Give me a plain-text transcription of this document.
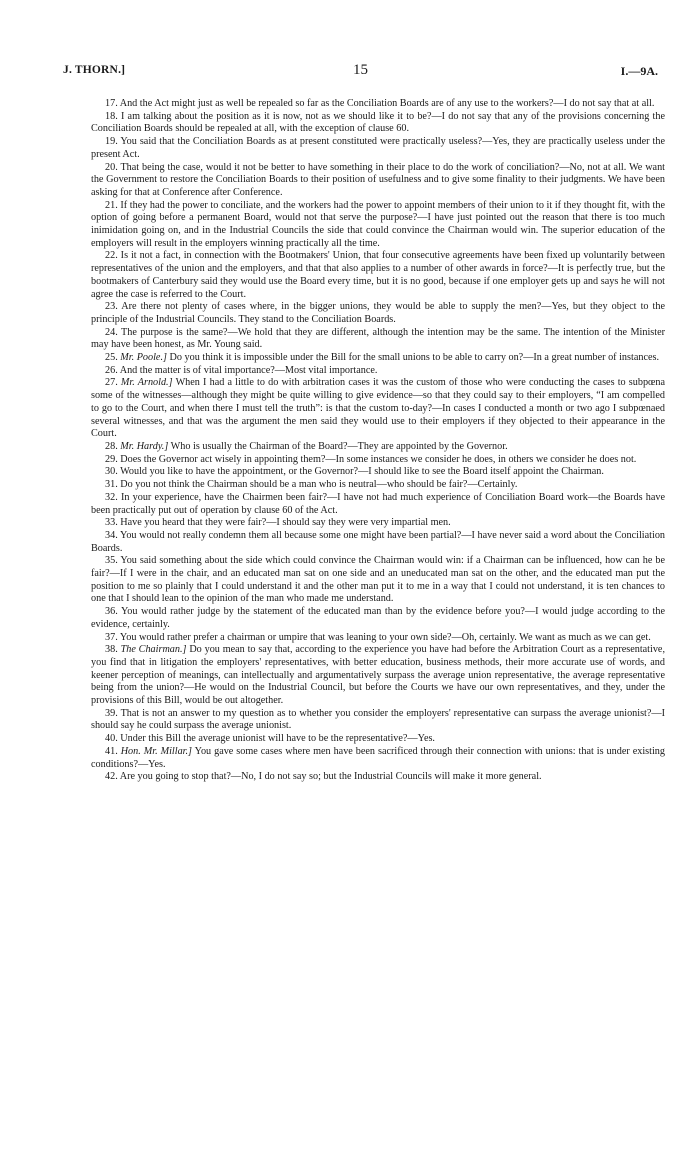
J. THORN.]	15	I.—9A.

17. And the Act might just as well be repealed so far as the Conciliation Boards are of any use to the workers?—I do not say that at all.

18. I am talking about the position as it is now, not as we should like it to be?—I do not say that any of the provisions concerning the Conciliation Boards should be repealed at all, with the exception of clause 60.

19. You said that the Conciliation Boards as at present constituted were practically useless?—Yes, they are practically useless under the present Act.

20. That being the case, would it not be better to have something in their place to do the work of conciliation?—No, not at all. We want the Government to restore the Conciliation Boards to their position of usefulness and to give some finality to their judgments. We have been asking for that at Conference after Conference.

21. If they had the power to conciliate, and the workers had the power to appoint members of their union to it if they thought fit, with the option of going before a permanent Board, would not that serve the purpose?—I have just pointed out the reason that there is too much inimidation going on, and in the Industrial Councils the side that could convince the Chairman would win. The superior education of the employers will result in the employers winning practically all the time.

22. Is it not a fact, in connection with the Bootmakers' Union, that four consecutive agreements have been fixed up voluntarily between representatives of the union and the employers, and that that also applies to a number of other awards in force?—It is perfectly true, but the bootmakers of Canterbury said they would use the Board every time, but it is no good, because if one employer gets up and says he will not agree the case is referred to the Court.

23. Are there not plenty of cases where, in the bigger unions, they would be able to supply the men?—Yes, but they object to the principle of the Industrial Councils. They stand to the Conciliation Boards.

24. The purpose is the same?—We hold that they are different, although the intention may be the same. The intention of the Minister may have been honest, as Mr. Young said.

25. Mr. Poole.] Do you think it is impossible under the Bill for the small unions to be able to carry on?—In a great number of instances.

26. And the matter is of vital importance?—Most vital importance.

27. Mr. Arnold.] When I had a little to do with arbitration cases it was the custom of those who were conducting the cases to subpœna some of the witnesses—although they might be quite willing to give evidence—so that they could say to their employers, “I am compelled to go to the Court, and when there I must tell the truth”: is that the custom to-day?—In cases I conducted a month or two ago I subpœnaed several witnesses, and that was the argument the men said they would use to their employers if they objected to their appearance in the Court.

28. Mr. Hardy.] Who is usually the Chairman of the Board?—They are appointed by the Governor.

29. Does the Governor act wisely in appointing them?—In some instances we consider he does, in others we consider he does not.

30. Would you like to have the appointment, or the Governor?—I should like to see the Board itself appoint the Chairman.

31. Do you not think the Chairman should be a man who is neutral—who should be fair?—Certainly.

32. In your experience, have the Chairmen been fair?—I have not had much experience of Conciliation Board work—the Boards have been practically put out of operation by clause 60 of the Act.

33. Have you heard that they were fair?—I should say they were very impartial men.

34. You would not really condemn them all because some one might have been partial?—I have never said a word about the Conciliation Boards.

35. You said something about the side which could convince the Chairman would win: if a Chairman can be influenced, how can he be fair?—If I were in the chair, and an educated man sat on one side and an uneducated man sat on the other, and the educated man put the position to me so plainly that I could understand it and the other man put it to me in a way that I could not understand, it is ten chances to one that I should lean to the opinion of the man who made me understand.

36. You would rather judge by the statement of the educated man than by the evidence before you?—I would judge according to the evidence, certainly.

37. You would rather prefer a chairman or umpire that was leaning to your own side?—Oh, certainly. We want as much as we can get.

38. The Chairman.] Do you mean to say that, according to the experience you have had before the Arbitration Court as a representative, you find that in litigation the employers' representatives, with better education, business methods, their more accurate use of words, and keener perception of meanings, can intellectually and argumentatively surpass the average union representative, the average representative being from the union?—He would on the Industrial Council, but before the Courts we have our own representatives, and they, under the provisions of this Bill, would be out altogether.

39. That is not an answer to my question as to whether you consider the employers' representative can surpass the average unionist?—I should say he could surpass the average unionist.

40. Under this Bill the average unionist will have to be the representative?—Yes.

41. Hon. Mr. Millar.] You gave some cases where men have been sacrificed through their connection with unions: that is under existing conditions?—Yes.

42. Are you going to stop that?—No, I do not say so; but the Industrial Councils will make it more general.
